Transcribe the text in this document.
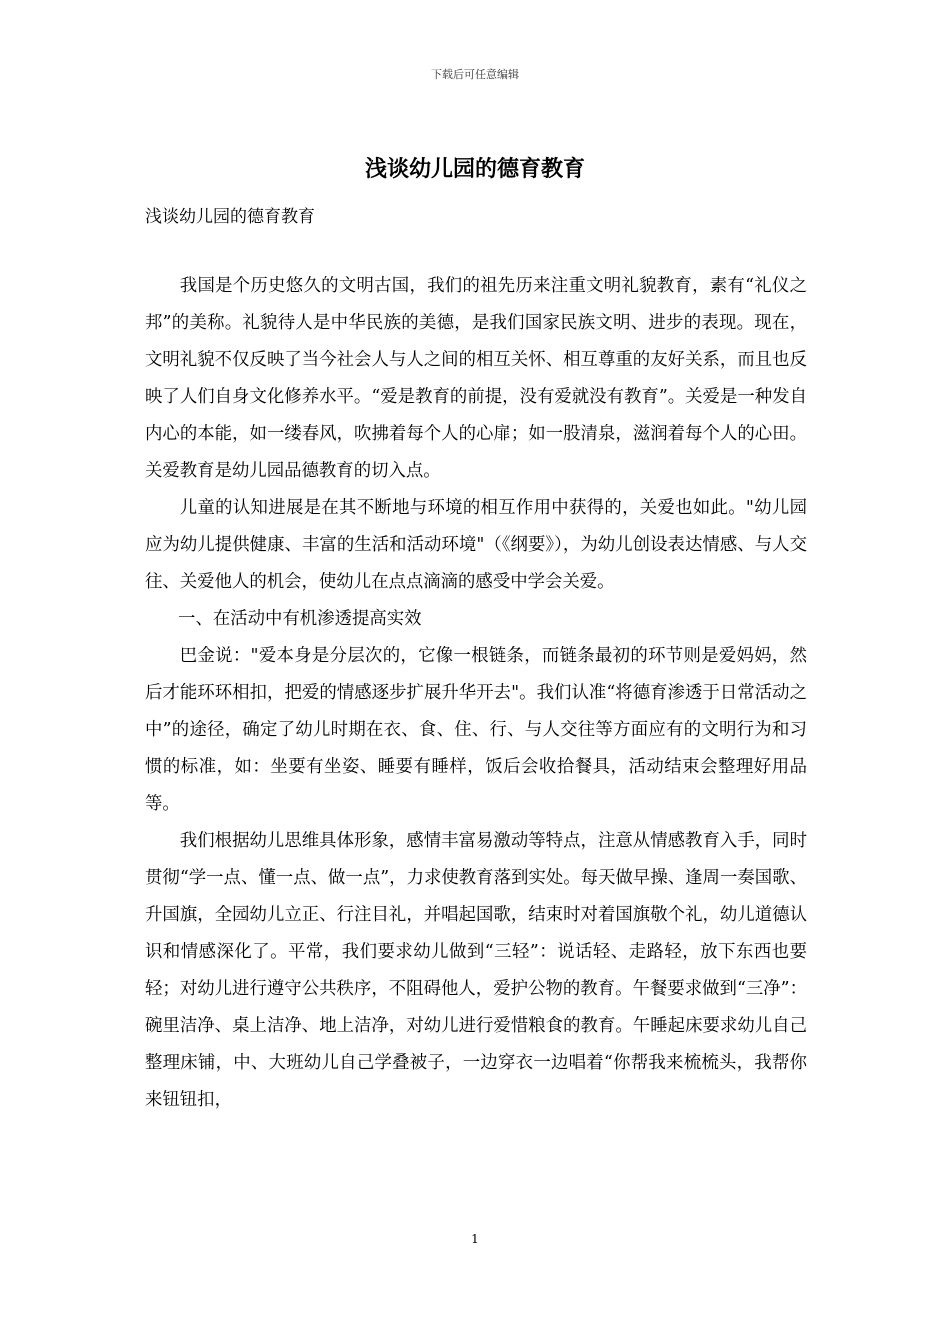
下载后可任意编辑
浅谈幼儿园的德育教育

浅谈幼儿园的德育教育

我国是个历史悠久的文明古国，我们的祖先历来注重文明礼貌教育，素有“礼仪之邦”的美称。礼貌待人是中华民族的美德，是我们国家民族文明、进步的表现。现在，文明礼貌不仅反映了当今社会人与人之间的相互关怀、相互尊重的友好关系，而且也反映了人们自身文化修养水平。“爱是教育的前提，没有爱就没有教育”。关爱是一种发自内心的本能，如一缕春风，吹拂着每个人的心扉；如一股清泉，滋润着每个人的心田。关爱教育是幼儿园品德教育的切入点。

儿童的认知进展是在其不断地与环境的相互作用中获得的，关爱也如此。"幼儿园应为幼儿提供健康、丰富的生活和活动环境"（《纲要》），为幼儿创设表达情感、与人交往、关爱他人的机会，使幼儿在点点滴滴的感受中学会关爱。

一、在活动中有机渗透提高实效

巴金说："爱本身是分层次的，它像一根链条，而链条最初的环节则是爱妈妈，然后才能环环相扣，把爱的情感逐步扩展升华开去"。我们认准“将德育渗透于日常活动之中”的途径，确定了幼儿时期在衣、食、住、行、与人交往等方面应有的文明行为和习惯的标准，如：坐要有坐姿、睡要有睡样，饭后会收拾餐具，活动结束会整理好用品等。

我们根据幼儿思维具体形象，感情丰富易激动等特点，注意从情感教育入手，同时贯彻“学一点、懂一点、做一点”，力求使教育落到实处。每天做早操、逢周一奏国歌、升国旗，全园幼儿立正、行注目礼，并唱起国歌，结束时对着国旗敬个礼，幼儿道德认识和情感深化了。平常，我们要求幼儿做到“三轻”：说话轻、走路轻，放下东西也要轻；对幼儿进行遵守公共秩序，不阻碍他人，爱护公物的教育。午餐要求做到“三净”：碗里洁净、桌上洁净、地上洁净，对幼儿进行爱惜粮食的教育。午睡起床要求幼儿自己整理床铺，中、大班幼儿自己学叠被子，一边穿衣一边唱着“你帮我来梳梳头，我帮你来钮钮扣，

1
